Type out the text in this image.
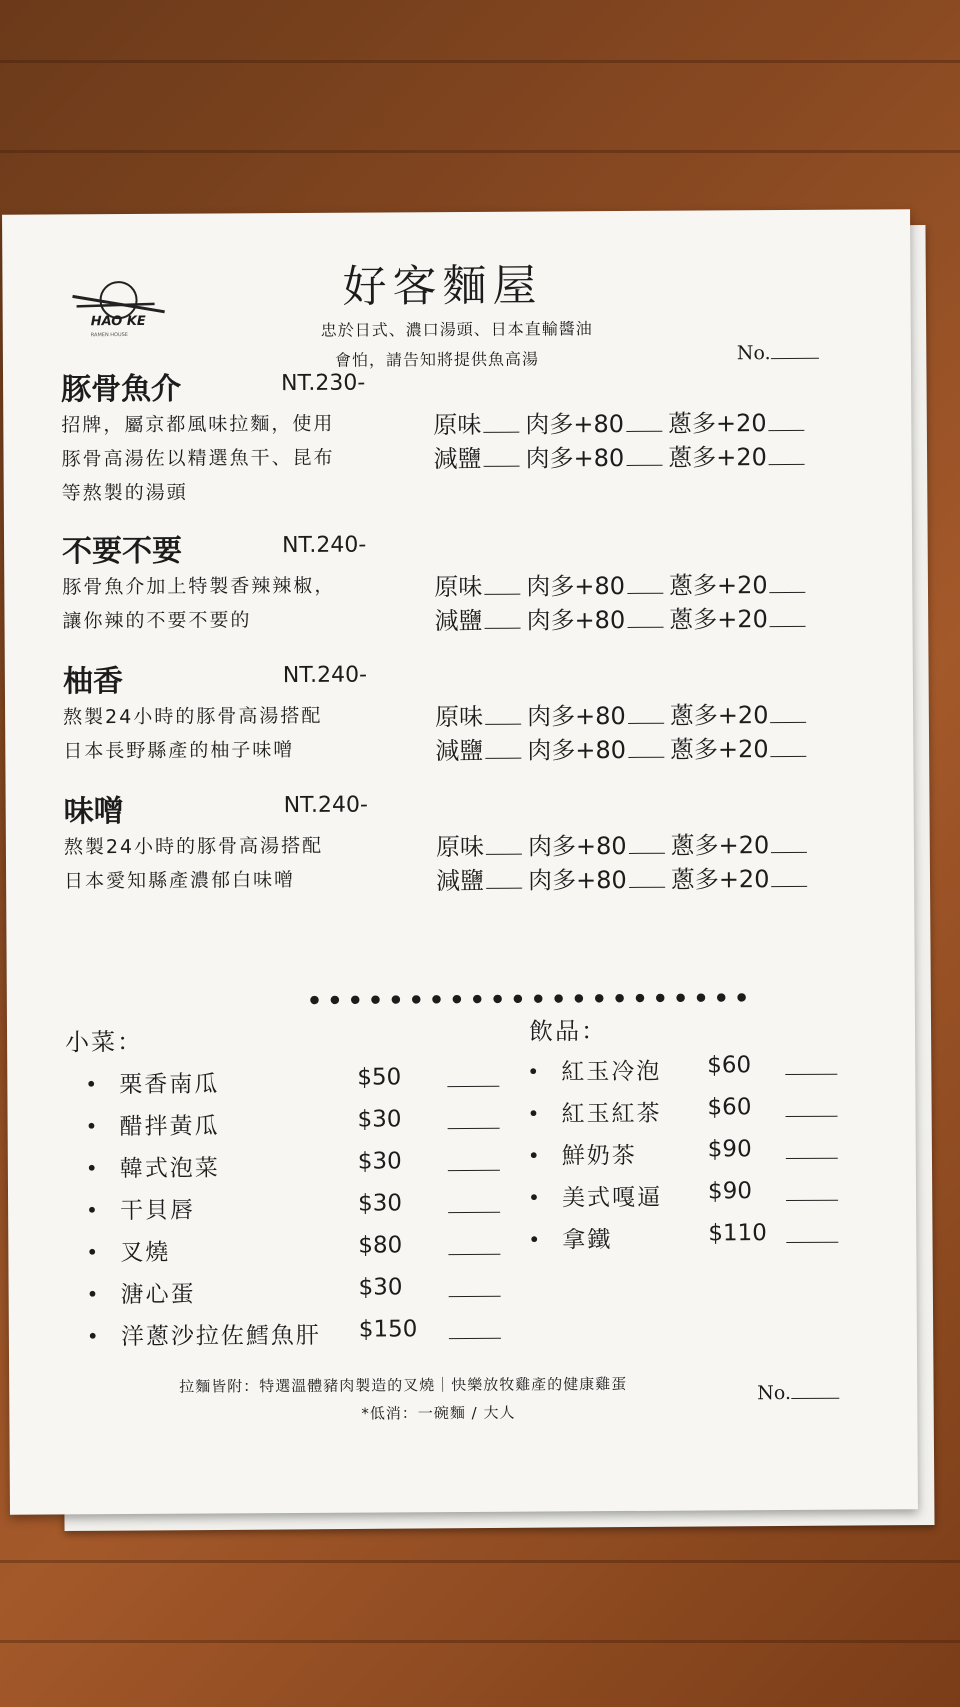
HAO KE
RAMEN HOUSE
好客麵屋
忠於日式、濃口湯頭、日本直輸醬油
會怕，請告知將提供魚高湯	No.
豚骨魚介	NT.230-
招牌，屬京都風味拉麵，使用
豚骨高湯佐以精選魚干、昆布
等熬製的湯頭
原味 肉多+80 蔥多+20
減鹽 肉多+80 蔥多+20
不要不要	NT.240-
豚骨魚介加上特製香辣辣椒，
讓你辣的不要不要的
原味 肉多+80 蔥多+20
減鹽 肉多+80 蔥多+20
柚香	NT.240-
熬製24小時的豚骨高湯搭配
日本長野縣產的柚子味噌
原味 肉多+80 蔥多+20
減鹽 肉多+80 蔥多+20
味噌	NT.240-
熬製24小時的豚骨高湯搭配
日本愛知縣產濃郁白味噌
原味 肉多+80 蔥多+20
減鹽 肉多+80 蔥多+20
••••••••••••••••••••••
小菜：
• 栗香南瓜	$50
• 醋拌黃瓜	$30
• 韓式泡菜	$30
• 干貝唇	$30
• 叉燒	$80
• 溏心蛋	$30
• 洋蔥沙拉佐鱈魚肝 $150
飲品：
• 紅玉冷泡 $60
• 紅玉紅茶 $60
• 鮮奶茶	$90
• 美式嘎逼 $90
• 拿鐵	$110
拉麵皆附：特選溫體豬肉製造的叉燒｜快樂放牧雞產的健康雞蛋
*低消：一碗麵 / 大人
No.
